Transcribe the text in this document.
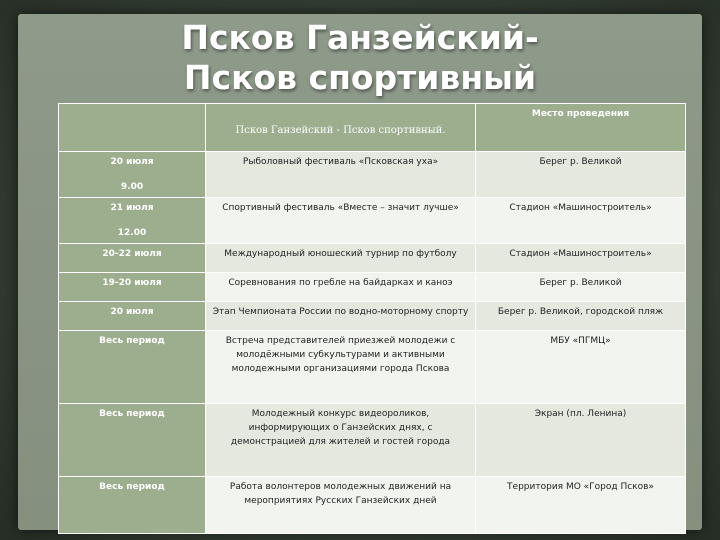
Псков Ганзейский-
Псков спортивный
	Псков Ганзейский - Псков спортивный.	Место проведения
20 июля
9.00	Рыболовный фестиваль «Псковская уха»	Берег р. Великой
21 июля
12.00	Спортивный фестиваль «Вместе – значит лучше»	Стадион «Машиностроитель»
20-22 июля	Международный юношеский турнир по футболу	Стадион «Машиностроитель»
19-20 июля	Соревнования по гребле на байдарках и каноэ	Берег р. Великой
20 июля	Этап Чемпионата России по водно-моторному спорту	Берег р. Великой, городской пляж
Весь период	Встреча представителей приезжей молодежи с молодёжными субкультурами и активными молодежными организациями города Пскова	МБУ «ПГМЦ»
Весь период	Молодежный конкурс видеороликов, информирующих о Ганзейских днях, с демонстрацией для жителей и гостей города	Экран (пл. Ленина)
Весь период	Работа волонтеров молодежных движений на мероприятиях Русских Ганзейских дней	Территория МО «Город Псков»
